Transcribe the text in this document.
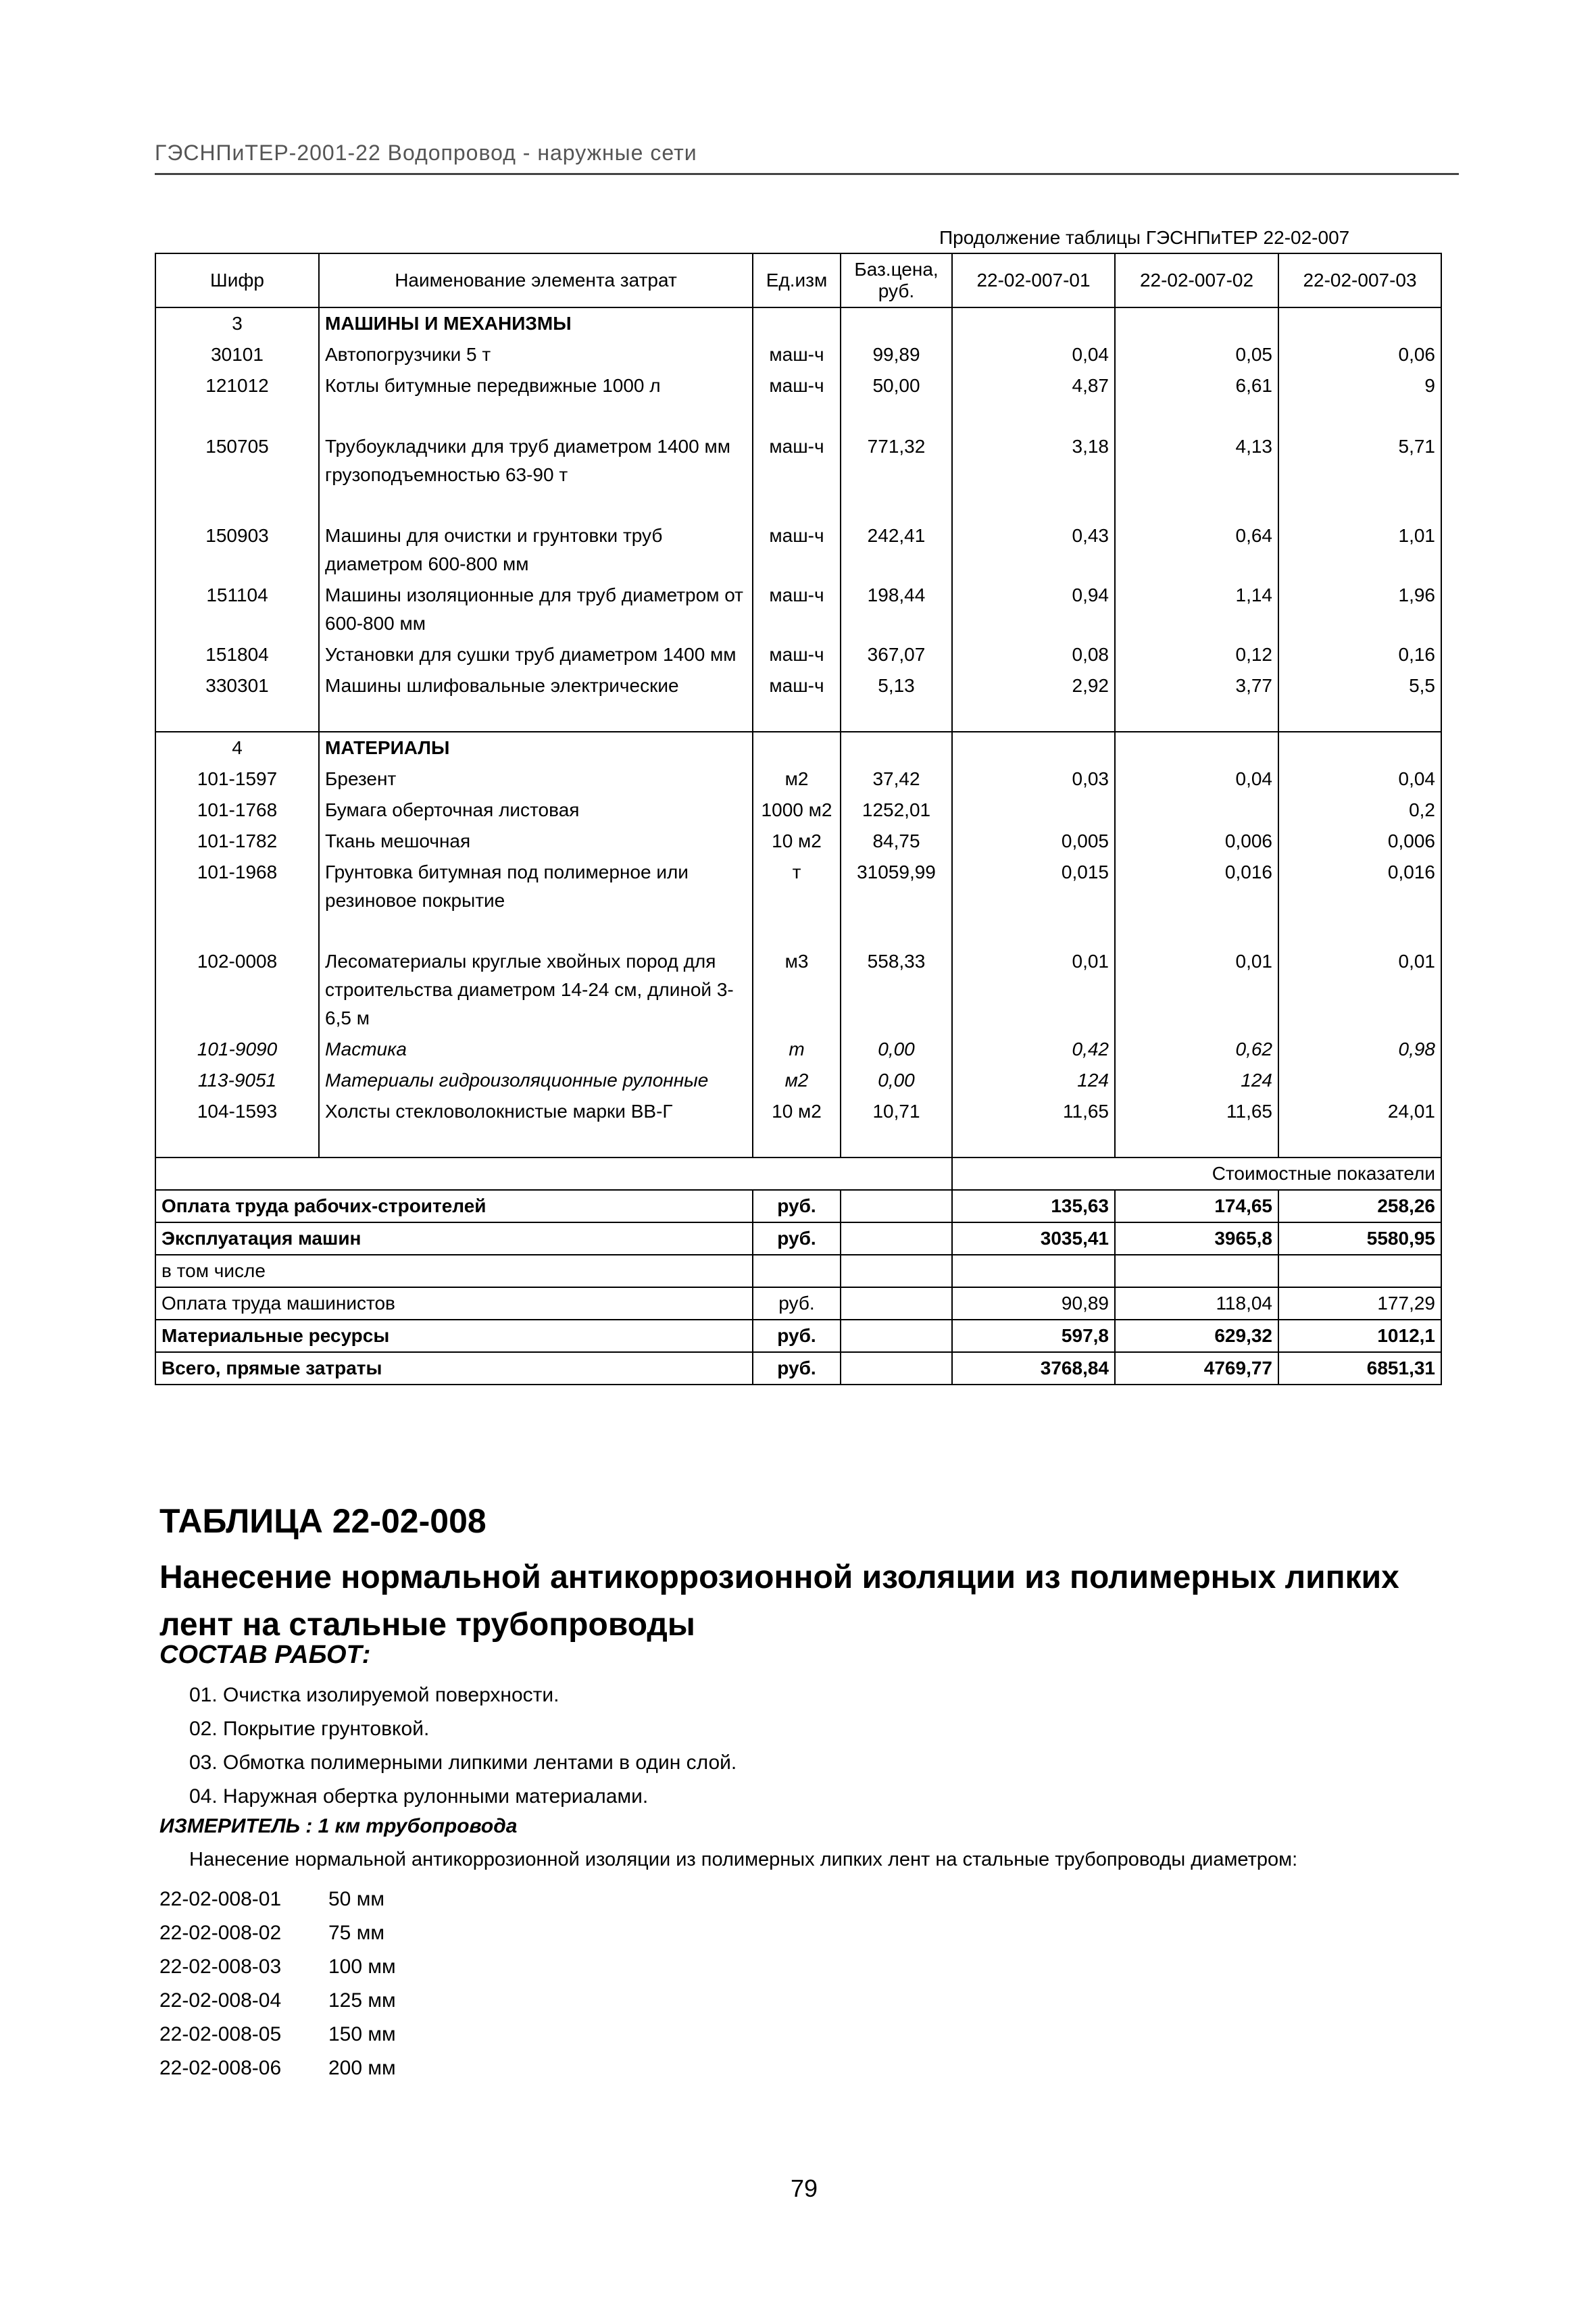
ГЭСНПиТЕР-2001-22 Водопровод - наружные сети
Продолжение таблицы ГЭСНПиТЕР 22-02-007
Шифр	Наименование элемента затрат	Ед.изм	Баз.цена, руб.	22-02-007-01	22-02-007-02	22-02-007-03
3	МАШИНЫ И МЕХАНИЗМЫ					
30101	Автопогрузчики 5 т	маш-ч	99,89	0,04	0,05	0,06
121012	Котлы битумные передвижные 1000 л	маш-ч	50,00	4,87	6,61	9

150705	Трубоукладчики для труб диаметром 1400 мм грузоподъемностью 63-90 т	маш-ч	771,32	3,18	4,13	5,71

150903	Машины для очистки и грунтовки труб диаметром 600-800 мм	маш-ч	242,41	0,43	0,64	1,01
151104	Машины изоляционные для труб диаметром от 600-800 мм	маш-ч	198,44	0,94	1,14	1,96
151804	Установки для сушки труб диаметром 1400 мм	маш-ч	367,07	0,08	0,12	0,16
330301	Машины шлифовальные электрические	маш-ч	5,13	2,92	3,77	5,5

4	МАТЕРИАЛЫ					
101-1597	Брезент	м2	37,42	0,03	0,04	0,04
101-1768	Бумага оберточная листовая	1000 м2	1252,01			0,2
101-1782	Ткань мешочная	10 м2	84,75	0,005	0,006	0,006
101-1968	Грунтовка битумная под полимерное или резиновое покрытие	т	31059,99	0,015	0,016	0,016

102-0008	Лесоматериалы круглые хвойных пород для строительства диаметром 14-24 см, длиной 3-6,5 м	м3	558,33	0,01	0,01	0,01
101-9090	Мастика	т	0,00	0,42	0,62	0,98
113-9051	Материалы гидроизоляционные рулонные	м2	0,00	124	124	
104-1593	Холсты стекловолокнистые марки ВВ-Г	10 м2	10,71	11,65	11,65	24,01

				Стоимостные показатели		
Оплата труда рабочих-строителей		руб.		135,63	174,65	258,26
Эксплуатация машин		руб.		3035,41	3965,8	5580,95
в том числе						
Оплата труда машинистов		руб.		90,89	118,04	177,29
Материальные ресурсы		руб.		597,8	629,32	1012,1
Всего, прямые затраты		руб.		3768,84	4769,77	6851,31
ТАБЛИЦА 22-02-008
Нанесение нормальной антикоррозионной изоляции из полимерных липких лент на стальные трубопроводы
СОСТАВ РАБОТ:
01. Очистка изолируемой поверхности.
02. Покрытие грунтовкой.
03. Обмотка полимерными липкими лентами в один слой.
04. Наружная обертка рулонными материалами.
ИЗМЕРИТЕЛЬ : 1 км трубопровода
Нанесение нормальной антикоррозионной изоляции из полимерных липких лент на стальные трубопроводы диаметром:
22-02-008-01	50 мм
22-02-008-02	75 мм
22-02-008-03	100 мм
22-02-008-04	125 мм
22-02-008-05	150 мм
22-02-008-06	200 мм
79
